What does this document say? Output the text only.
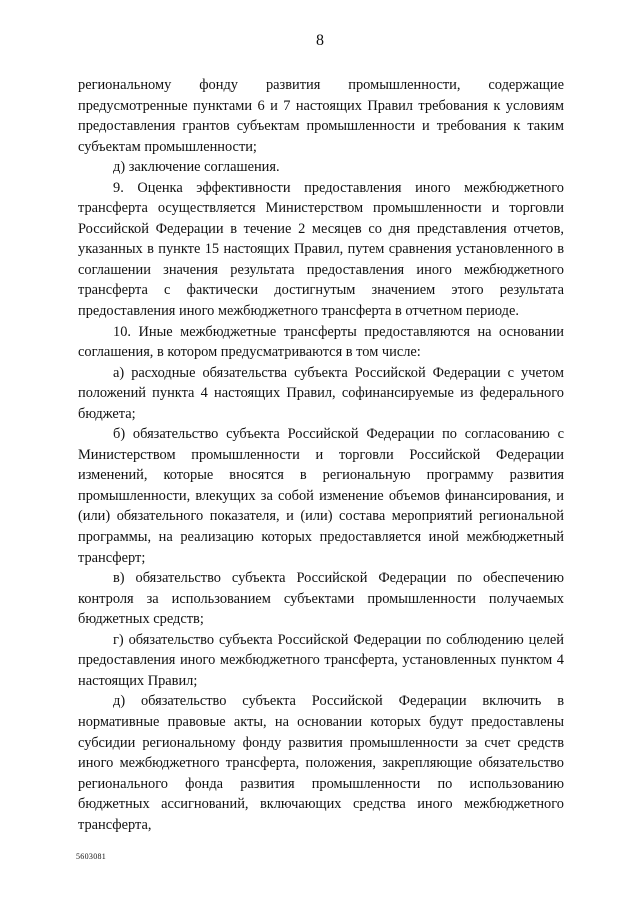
8

региональному фонду развития промышленности, содержащие предусмотренные пунктами 6 и 7 настоящих Правил требования к условиям предоставления грантов субъектам промышленности и требования к таким субъектам промышленности;

д) заключение соглашения.

9. Оценка эффективности предоставления иного межбюджетного трансферта осуществляется Министерством промышленности и торговли Российской Федерации в течение 2 месяцев со дня представления отчетов, указанных в пункте 15 настоящих Правил, путем сравнения установленного в соглашении значения результата предоставления иного межбюджетного трансферта с фактически достигнутым значением этого результата предоставления иного межбюджетного трансферта в отчетном периоде.

10. Иные межбюджетные трансферты предоставляются на основании соглашения, в котором предусматриваются в том числе:

а) расходные обязательства субъекта Российской Федерации с учетом положений пункта 4 настоящих Правил, софинансируемые из федерального бюджета;

б) обязательство субъекта Российской Федерации по согласованию с Министерством промышленности и торговли Российской Федерации изменений, которые вносятся в региональную программу развития промышленности, влекущих за собой изменение объемов финансирования, и (или) обязательного показателя, и (или) состава мероприятий региональной программы, на реализацию которых предоставляется иной межбюджетный трансферт;

в) обязательство субъекта Российской Федерации по обеспечению контроля за использованием субъектами промышленности получаемых бюджетных средств;

г) обязательство субъекта Российской Федерации по соблюдению целей предоставления иного межбюджетного трансферта, установленных пунктом 4 настоящих Правил;

д) обязательство субъекта Российской Федерации включить в нормативные правовые акты, на основании которых будут предоставлены субсидии региональному фонду развития промышленности за счет средств иного межбюджетного трансферта, положения, закрепляющие обязательство регионального фонда развития промышленности по использованию бюджетных ассигнований, включающих средства иного межбюджетного трансферта,

5603081
